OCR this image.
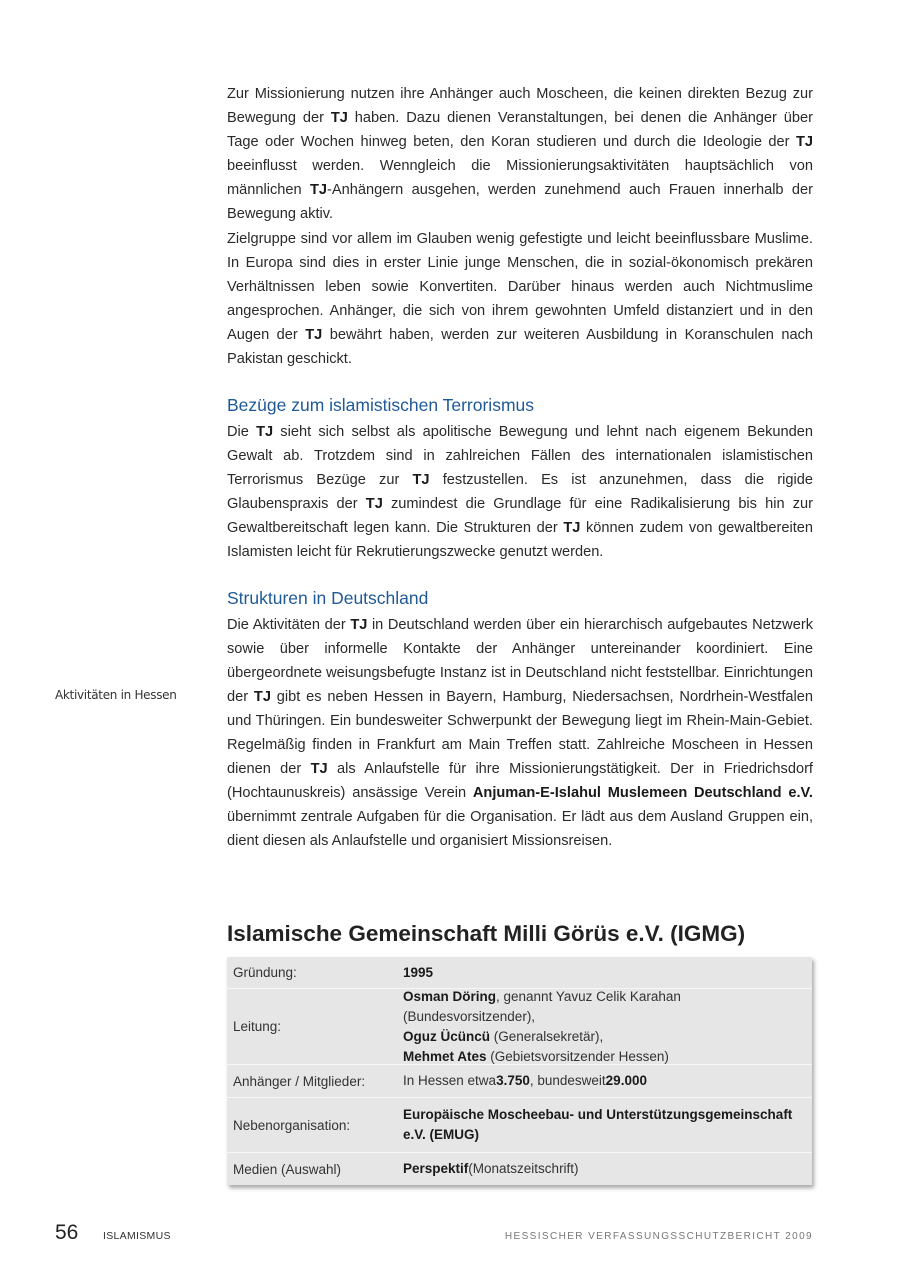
Zur Missionierung nutzen ihre Anhänger auch Moscheen, die keinen direkten Bezug zur Bewegung der TJ haben. Dazu dienen Veranstaltungen, bei denen die Anhänger über Tage oder Wochen hinweg beten, den Koran studieren und durch die Ideologie der TJ beeinflusst werden. Wenngleich die Missionierungsaktivitäten hauptsächlich von männlichen TJ-Anhängern ausgehen, werden zunehmend auch Frauen innerhalb der Bewegung aktiv.

Zielgruppe sind vor allem im Glauben wenig gefestigte und leicht beeinflussbare Muslime. In Europa sind dies in erster Linie junge Menschen, die in sozial-ökonomisch prekären Verhältnissen leben sowie Konvertiten. Darüber hinaus werden auch Nichtmuslime angesprochen. Anhänger, die sich von ihrem gewohnten Umfeld distanziert und in den Augen der TJ bewährt haben, werden zur weiteren Ausbildung in Koranschulen nach Pakistan geschickt.

Bezüge zum islamistischen Terrorismus

Die TJ sieht sich selbst als apolitische Bewegung und lehnt nach eigenem Bekunden Gewalt ab. Trotzdem sind in zahlreichen Fällen des internationalen islamistischen Terrorismus Bezüge zur TJ festzustellen. Es ist anzunehmen, dass die rigide Glaubenspraxis der TJ zumindest die Grundlage für eine Radikalisierung bis hin zur Gewaltbereitschaft legen kann. Die Strukturen der TJ können zudem von gewaltbereiten Islamisten leicht für Rekrutierungszwecke genutzt werden.

Strukturen in Deutschland

Die Aktivitäten der TJ in Deutschland werden über ein hierarchisch aufgebautes Netzwerk sowie über informelle Kontakte der Anhänger untereinander koordiniert. Eine übergeordnete weisungsbefugte Instanz ist in Deutschland nicht feststellbar. Einrichtungen der TJ gibt es neben Hessen in Bayern, Hamburg, Niedersachsen, Nordrhein-Westfalen und Thüringen. Ein bundesweiter Schwerpunkt der Bewegung liegt im Rhein-Main-Gebiet. Regelmäßig finden in Frankfurt am Main Treffen statt. Zahlreiche Moscheen in Hessen dienen der TJ als Anlaufstelle für ihre Missionierungstätigkeit. Der in Friedrichsdorf (Hochtaunuskreis) ansässige Verein Anjuman-E-Islahul Muslemeen Deutschland e.V. übernimmt zentrale Aufgaben für die Organisation. Er lädt aus dem Ausland Gruppen ein, dient diesen als Anlaufstelle und organisiert Missionsreisen.

Aktivitäten in Hessen
Islamische Gemeinschaft Milli Görüs e.V. (IGMG)
Gründung:	1995
Leitung:
Osman Döring, genannt Yavuz Celik Karahan (Bundesvorsitzender),
Oguz Ücüncü (Generalsekretär),
Mehmet Ates (Gebietsvorsitzender Hessen)
Anhänger / Mitglieder:	In Hessen etwa 3.750 , bundesweit 29.000
Nebenorganisation:
Europäische Moscheebau- und Unterstützungsgemeinschaft e.V. (EMUG)
Medien (Auswahl)	Perspektif (Monatszeitschrift)
56 ISLAMISMUS	HESSISCHER VERFASSUNGSSCHUTZBERICHT 2009
